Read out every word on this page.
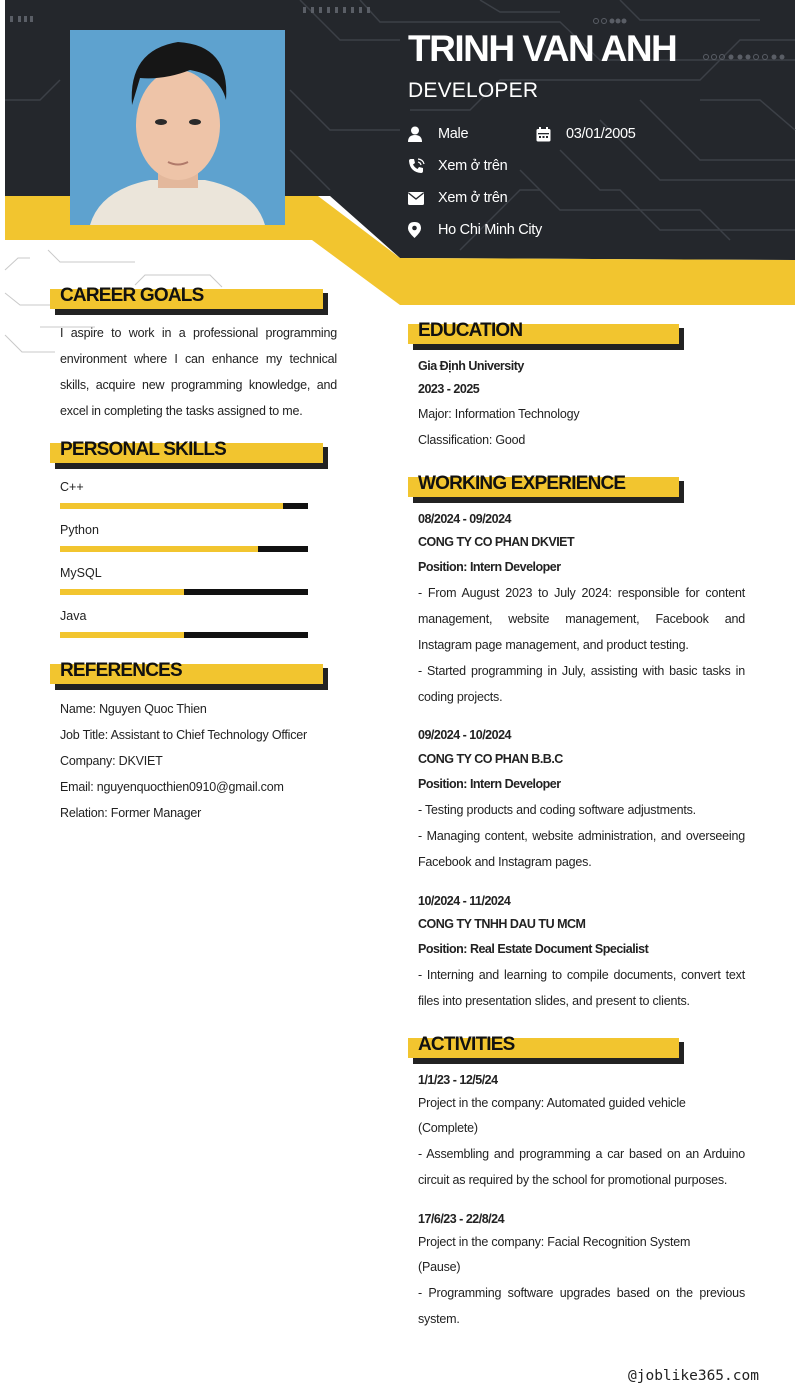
TRINH VAN ANH
DEVELOPER
Male	03/01/2005
Xem ở trên
Xem ở trên
Ho Chi Minh City
CAREER GOALS
I aspire to work in a professional programming environment where I can enhance my technical skills, acquire new programming knowledge, and excel in completing the tasks assigned to me.
PERSONAL SKILLS
C++
Python
MySQL
Java
REFERENCES
Name: Nguyen Quoc Thien
Job Title: Assistant to Chief Technology Officer
Company: DKVIET
Email: nguyenquocthien0910@gmail.com
Relation: Former Manager
EDUCATION
Gia Định University
2023 - 2025
Major: Information Technology
Classification: Good
WORKING EXPERIENCE
08/2024 - 09/2024
CONG TY CO PHAN DKVIET
Position: Intern Developer
- From August 2023 to July 2024: responsible for content management, website management, Facebook and Instagram page management, and product testing.
- Started programming in July, assisting with basic tasks in coding projects.
09/2024 - 10/2024
CONG TY CO PHAN B.B.C
Position: Intern Developer
- Testing products and coding software adjustments.
- Managing content, website administration, and overseeing Facebook and Instagram pages.
10/2024 - 11/2024
CONG TY TNHH DAU TU MCM
Position: Real Estate Document Specialist
- Interning and learning to compile documents, convert text files into presentation slides, and present to clients.
ACTIVITIES
1/1/23 - 12/5/24
Project in the company: Automated guided vehicle
(Complete)
- Assembling and programming a car based on an Arduino circuit as required by the school for promotional purposes.
17/6/23 - 22/8/24
Project in the company: Facial Recognition System
(Pause)
- Programming software upgrades based on the previous system.
@joblike365.com
